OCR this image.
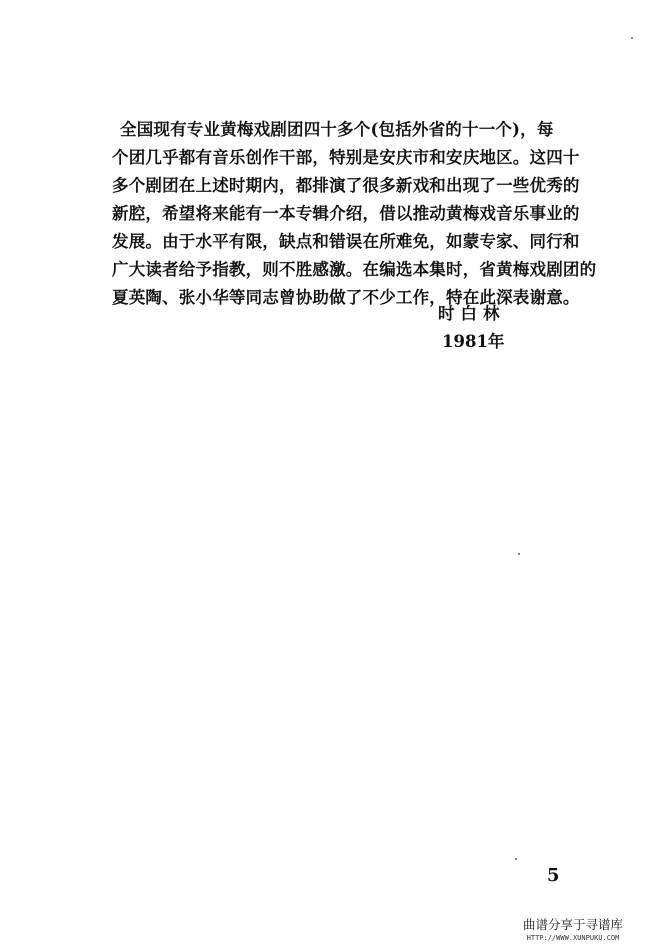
全国现有专业黄梅戏剧团四十多个(包括外省的十一个)，每
个团几乎都有音乐创作干部，特别是安庆市和安庆地区。这四十
多个剧团在上述时期内，都排演了很多新戏和出现了一些优秀的
新腔，希望将来能有一本专辑介绍，借以推动黄梅戏音乐事业的
发展。由于水平有限，缺点和错误在所难免，如蒙专家、同行和
广大读者给予指教，则不胜感激。在编选本集时，省黄梅戏剧团的
夏英陶、张小华等同志曾协助做了不少工作，特在此深表谢意。
时白林
1981年
5
曲谱分享于寻谱库
HTTP://WWW.XUNPUKU.COM
